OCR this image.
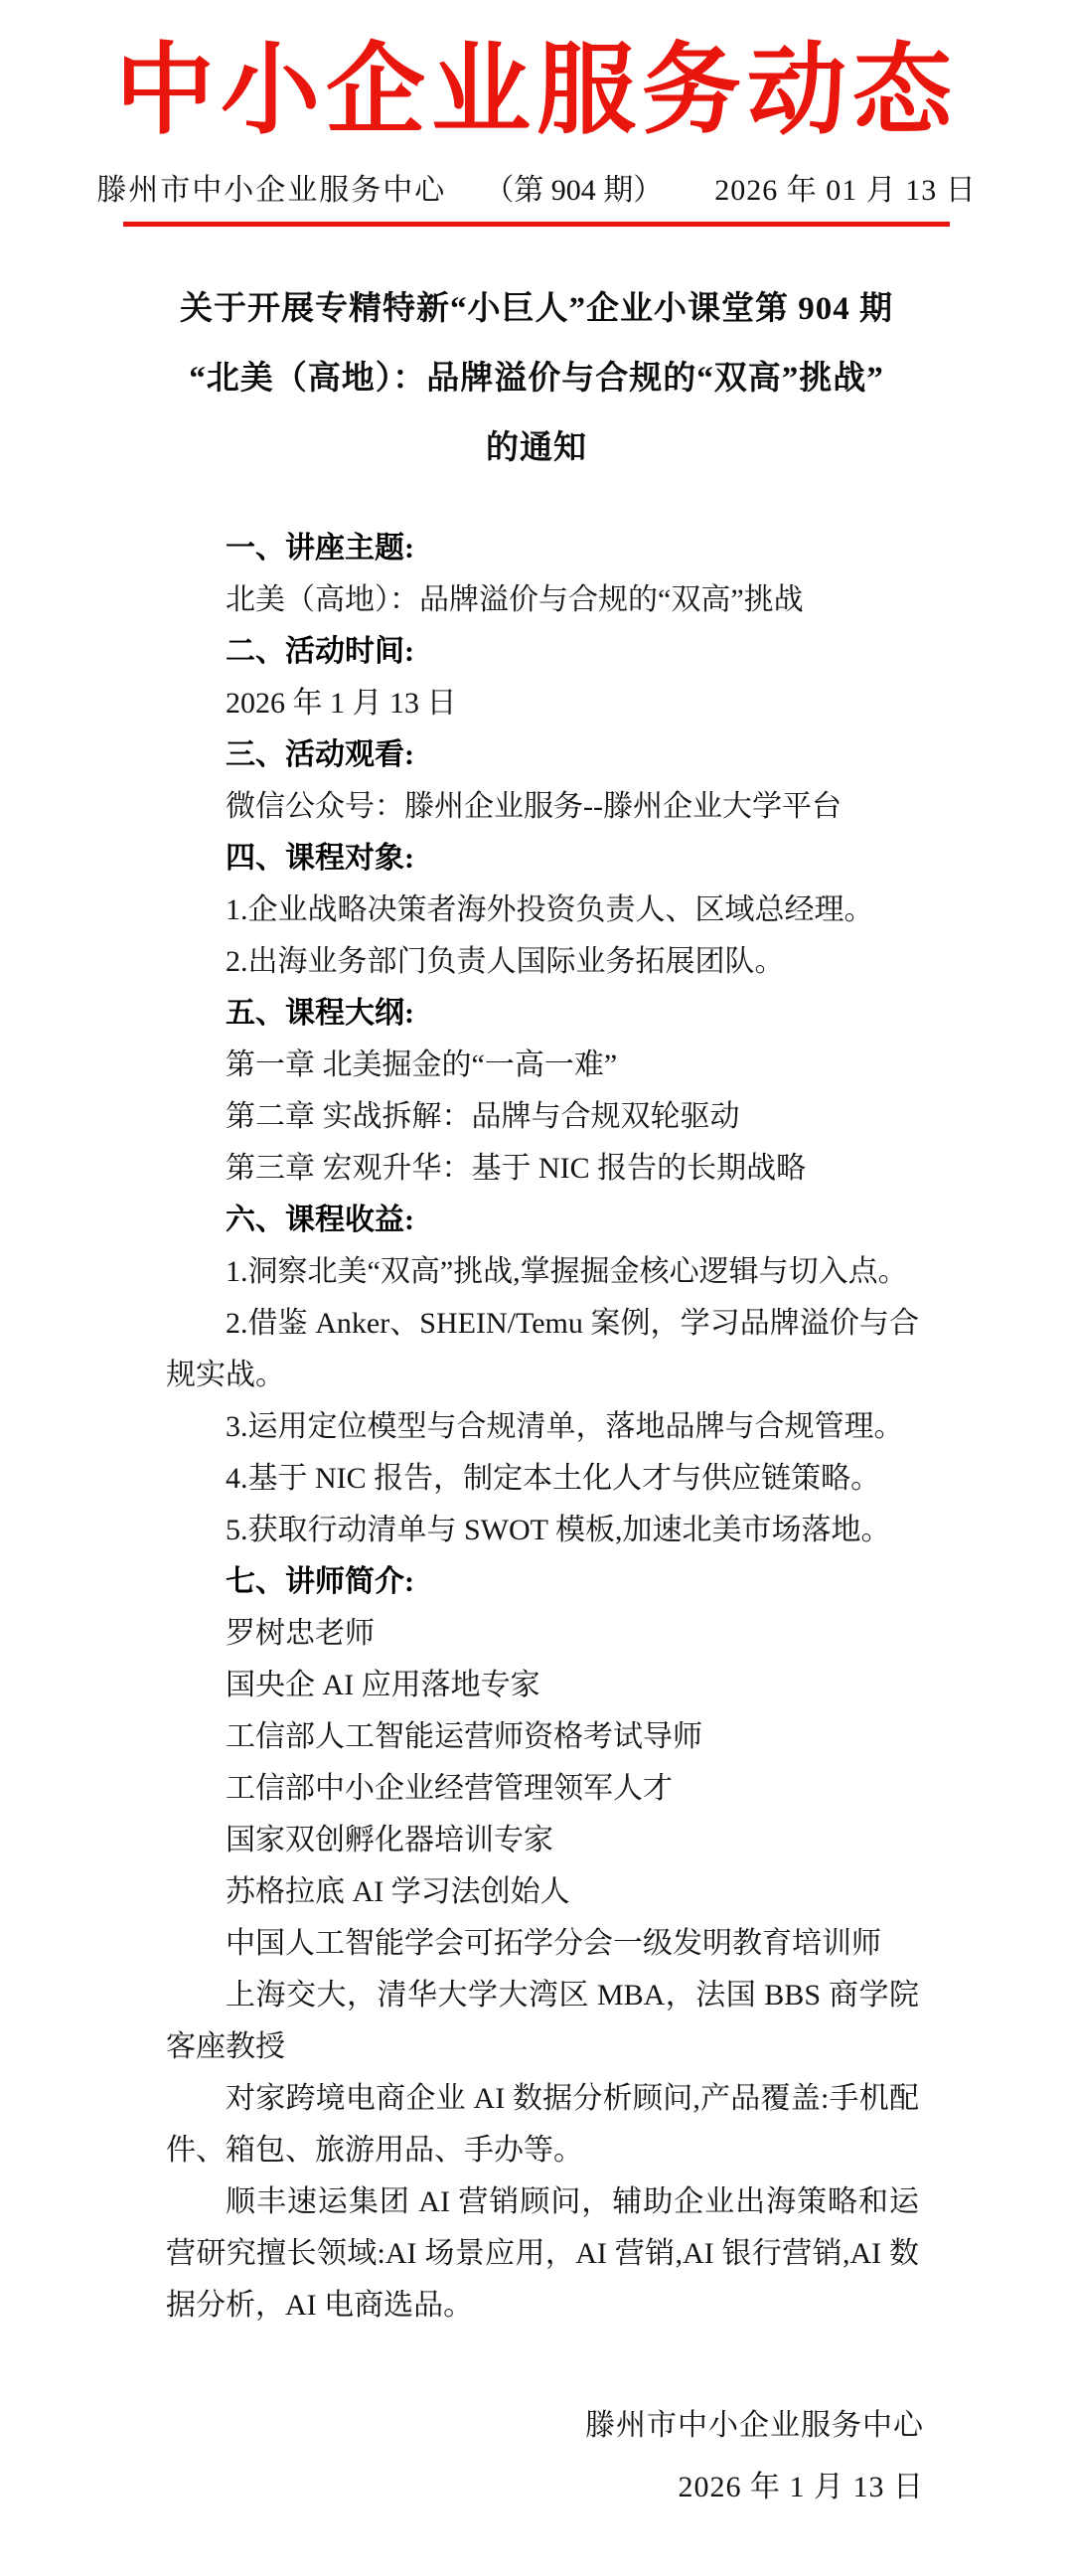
中小企业服务动态
滕州市中小企业服务中心 （第 904 期） 2026 年 01 月 13 日
关于开展专精特新“小巨人”企业小课堂第 904 期
“北美（高地）：品牌溢价与合规的“双高”挑战”
的通知

一、讲座主题:

北美（高地）：品牌溢价与合规的“双高”挑战

二、活动时间:

2026 年 1 月 13 日

三、活动观看:

微信公众号：滕州企业服务--滕州企业大学平台

四、课程对象:

1.企业战略决策者海外投资负责人、区域总经理。

2.出海业务部门负责人国际业务拓展团队。

五、课程大纲:

第一章 北美掘金的“一高一难”

第二章 实战拆解：品牌与合规双轮驱动

第三章 宏观升华：基于 NIC 报告的长期战略

六、课程收益:

1.洞察北美“双高”挑战,掌握掘金核心逻辑与切入点。

2.借鉴 Anker、SHEIN/Temu 案例，学习品牌溢价与合规实战。

3.运用定位模型与合规清单，落地品牌与合规管理。

4.基于 NIC 报告，制定本土化人才与供应链策略。

5.获取行动清单与 SWOT 模板,加速北美市场落地。

七、讲师简介:

罗树忠老师

国央企 AI 应用落地专家

工信部人工智能运营师资格考试导师

工信部中小企业经营管理领军人才

国家双创孵化器培训专家

苏格拉底 AI 学习法创始人

中国人工智能学会可拓学分会一级发明教育培训师

上海交大，清华大学大湾区 MBA，法国 BBS 商学院客座教授

对家跨境电商企业 AI 数据分析顾问,产品覆盖:手机配件、箱包、旅游用品、手办等。

顺丰速运集团 AI 营销顾问，辅助企业出海策略和运营研究擅长领域:AI 场景应用，AI 营销,AI 银行营销,AI 数据分析，AI 电商选品。

滕州市中小企业服务中心
2026 年 1 月 13 日
